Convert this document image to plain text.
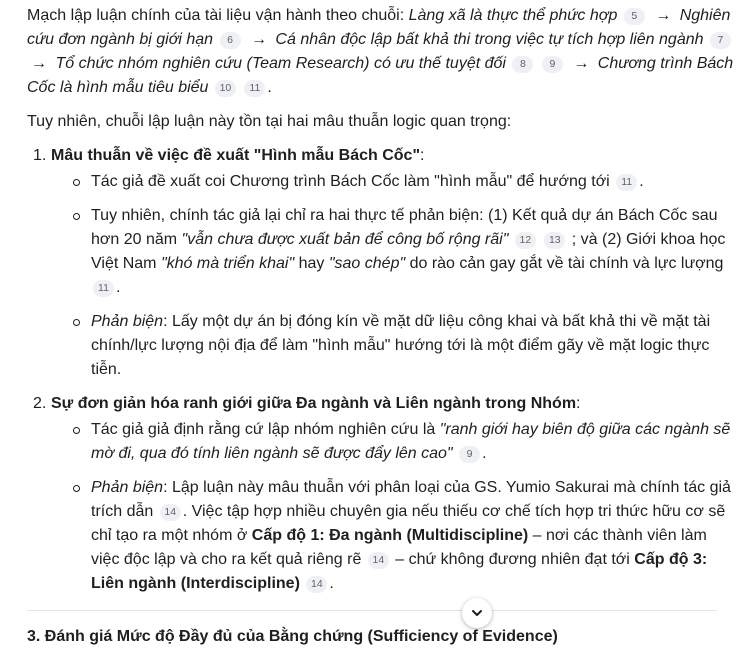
Mạch lập luận chính của tài liệu vận hành theo chuỗi: Làng xã là thực thể phức hợp 5 → Nghiên cứu đơn ngành bị giới hạn 6 → Cá nhân độc lập bất khả thi trong việc tự tích hợp liên ngành 7 → Tổ chức nhóm nghiên cứu (Team Research) có ưu thế tuyệt đối 8 9 → Chương trình Bách Cốc là hình mẫu tiêu biểu 10 11 .

Tuy nhiên, chuỗi lập luận này tồn tại hai mâu thuẫn logic quan trọng:

1. Mâu thuẫn về việc đề xuất "Hình mẫu Bách Cốc":
Tác giả đề xuất coi Chương trình Bách Cốc làm "hình mẫu" để hướng tới 11 .
Tuy nhiên, chính tác giả lại chỉ ra hai thực tế phản biện: (1) Kết quả dự án Bách Cốc sau hơn 20 năm "vẫn chưa được xuất bản để công bố rộng rãi" 12 13 ; và (2) Giới khoa học Việt Nam "khó mà triển khai" hay "sao chép" do rào cản gay gắt về tài chính và lực lượng 11 .
Phản biện: Lấy một dự án bị đóng kín về mặt dữ liệu công khai và bất khả thi về mặt tài chính/lực lượng nội địa để làm "hình mẫu" hướng tới là một điểm gãy về mặt logic thực tiễn.
2. Sự đơn giản hóa ranh giới giữa Đa ngành và Liên ngành trong Nhóm:
Tác giả giả định rằng cứ lập nhóm nghiên cứu là "ranh giới hay biên độ giữa các ngành sẽ mờ đi, qua đó tính liên ngành sẽ được đẩy lên cao" 9 .
Phản biện: Lập luận này mâu thuẫn với phân loại của GS. Yumio Sakurai mà chính tác giả trích dẫn 14 . Việc tập hợp nhiều chuyên gia nếu thiếu cơ chế tích hợp tri thức hữu cơ sẽ chỉ tạo ra một nhóm ở Cấp độ 1: Đa ngành (Multidiscipline) – nơi các thành viên làm việc độc lập và cho ra kết quả riêng rẽ 14 – chứ không đương nhiên đạt tới Cấp độ 3: Liên ngành (Interdiscipline) 14 .

3. Đánh giá Mức độ Đầy đủ của Bằng chứng (Sufficiency of Evidence)
